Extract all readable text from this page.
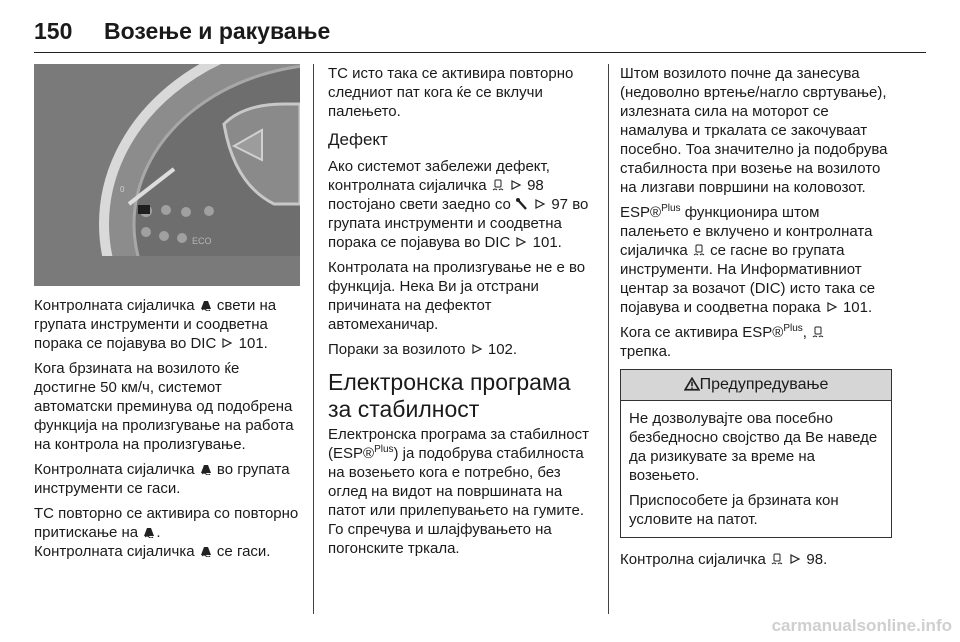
150 Возење и ракување
0
ECO

Контролната сијаличка  свети на групата инструменти и соодветна порака се појавува во DIC  101.

Кога брзината на возилото ќе достигне 50 км/ч, системот автоматски преминува од подобрена функција на пролизгување на работа на контрола на пролизгување.

Контролната сијаличка  во групата инструменти се гаси.

TC повторно се активира со повторно притискање на .
Контролната сијаличка  се гаси.

TC исто така се активира повторно следниот пат кога ќе се вклучи палењето.

Дефект

Ако системот забележи дефект, контролната сијаличка   98 постојано свети заедно со   97 во групата инструменти и соодветна порака се појавува во DIC  101.

Контролата на пролизгување не е во функција. Нека Ви ја отстрани причината на дефектот автомеханичар.

Пораки за возилото  102.

Електронска програма за стабилност

Електронска програма за стабилност (ESP®$^{Plus}$) ја подобрува стабилноста на возењето кога е потребно, без оглед на видот на површината на патот или прилепувањето на гумите. Го спречува и шлајфувањето на погонските тркала.

Штом возилото почне да занесува (недоволно вртење/нагло свртување), излезната сила на моторот се намалува и тркалата се закочуваат посебно. Тоа значително ја подобрува стабилноста при возење на возилото на лизгави површини на коловозот.

ESP®$^{Plus}$ функционира штом палењето е вклучено и контролната сијаличка  се гасне во групата инструменти. На Информативниот центар за возачот (DIC) исто така се појавува и соодветна порака  101.

Кога се активира ESP®$^{Plus}$,
трепка.

Предупредување

Не дозволувајте ова посебно безбедносно својство да Ве наведе да ризикувате за време на возењето.

Приспособете ја брзината кон условите на патот.

Контролна сијаличка   98.

carmanualsonline.info
